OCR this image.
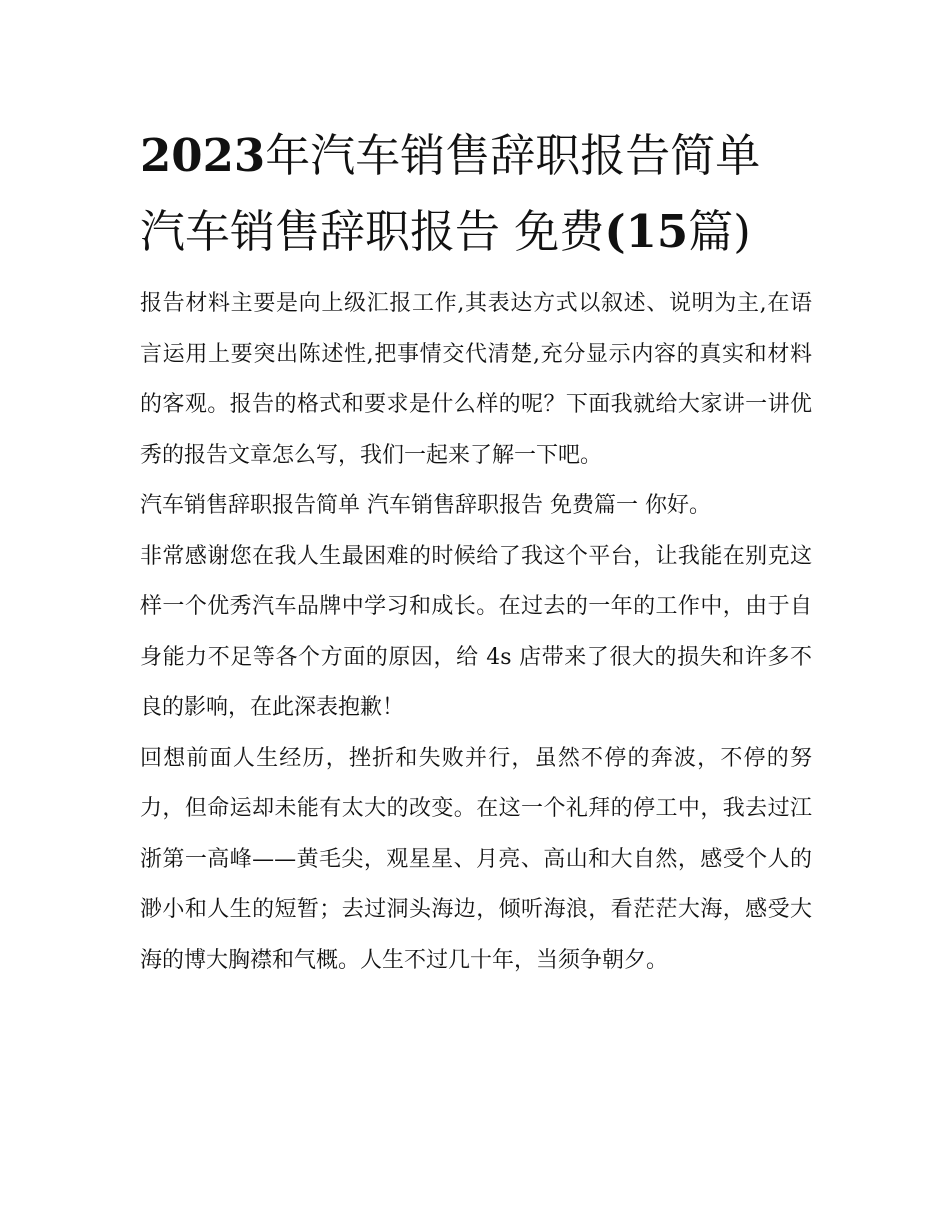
2023年汽车销售辞职报告简单
汽车销售辞职报告 免费(15篇)

报告材料主要是向上级汇报工作,其表达方式以叙述、说明为主,在语言运用上要突出陈述性,把事情交代清楚,充分显示内容的真实和材料的客观。报告的格式和要求是什么样的呢？下面我就给大家讲一讲优秀的报告文章怎么写，我们一起来了解一下吧。

汽车销售辞职报告简单 汽车销售辞职报告 免费篇一 你好。

非常感谢您在我人生最困难的时候给了我这个平台，让我能在别克这样一个优秀汽车品牌中学习和成长。在过去的一年的工作中，由于自身能力不足等各个方面的原因，给 4s 店带来了很大的损失和许多不良的影响，在此深表抱歉！

回想前面人生经历，挫折和失败并行，虽然不停的奔波，不停的努力，但命运却未能有太大的改变。在这一个礼拜的停工中，我去过江浙第一高峰——黄毛尖，观星星、月亮、高山和大自然，感受个人的渺小和人生的短暂；去过洞头海边，倾听海浪，看茫茫大海，感受大海的博大胸襟和气概。人生不过几十年，当须争朝夕。
